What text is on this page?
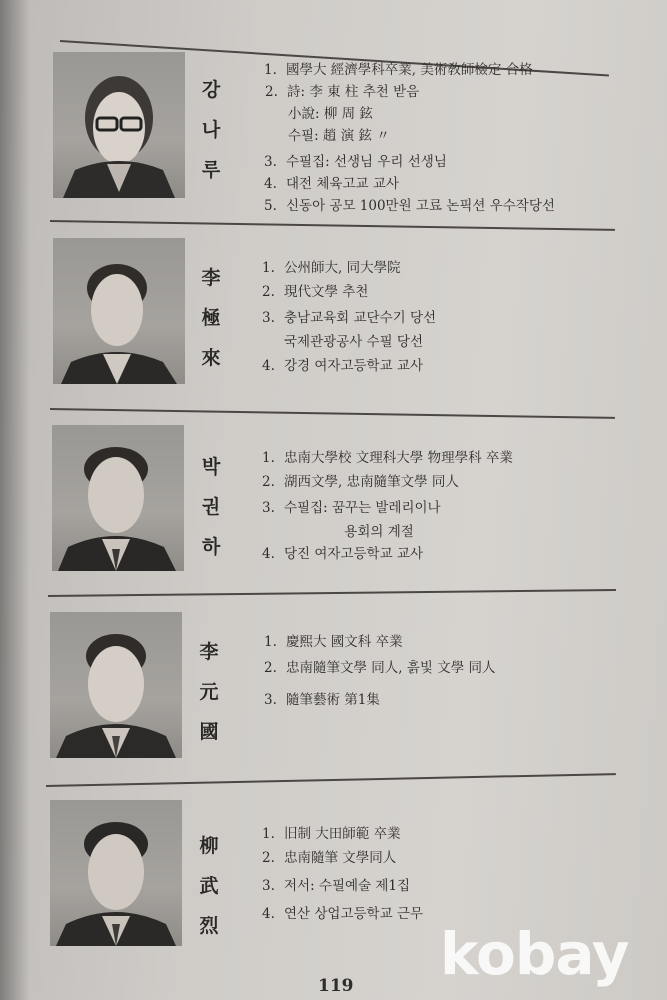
강
나
루
1. 國學大 經濟學科卒業, 美術敎師檢定 合格
2. 詩: 李 東 柱 추천 받음
小說: 柳 周 鉉
수필: 趙 演 鉉 〃
3. 수필집: 선생님 우리 선생님
4. 대전 체육고교 교사
5. 신동아 공모 100만원 고료 논픽션 우수작당선
李
極
來
1. 公州師大, 同大學院
2. 現代文學 추천
3. 충남교육회 교단수기 당선
국제관광공사 수필 당선
4. 강경 여자고등학교 교사
박
권
하
1. 忠南大學校 文理科大學 物理學科 卒業
2. 湖西文學, 忠南隨筆文學 同人
3. 수필집: 꿈꾸는 발레리이나
용회의 계절
4. 당진 여자고등학교 교사
李
元
國
1. 慶熙大 國文科 卒業
2. 忠南隨筆文學 同人, 흙빛 文學 同人
3. 隨筆藝術 第1集
柳
武
烈
1. 旧制 大田師範 卒業
2. 忠南隨筆 文學同人
3. 저서: 수필예술 제1집
4. 연산 상업고등학교 근무
119 kobay
